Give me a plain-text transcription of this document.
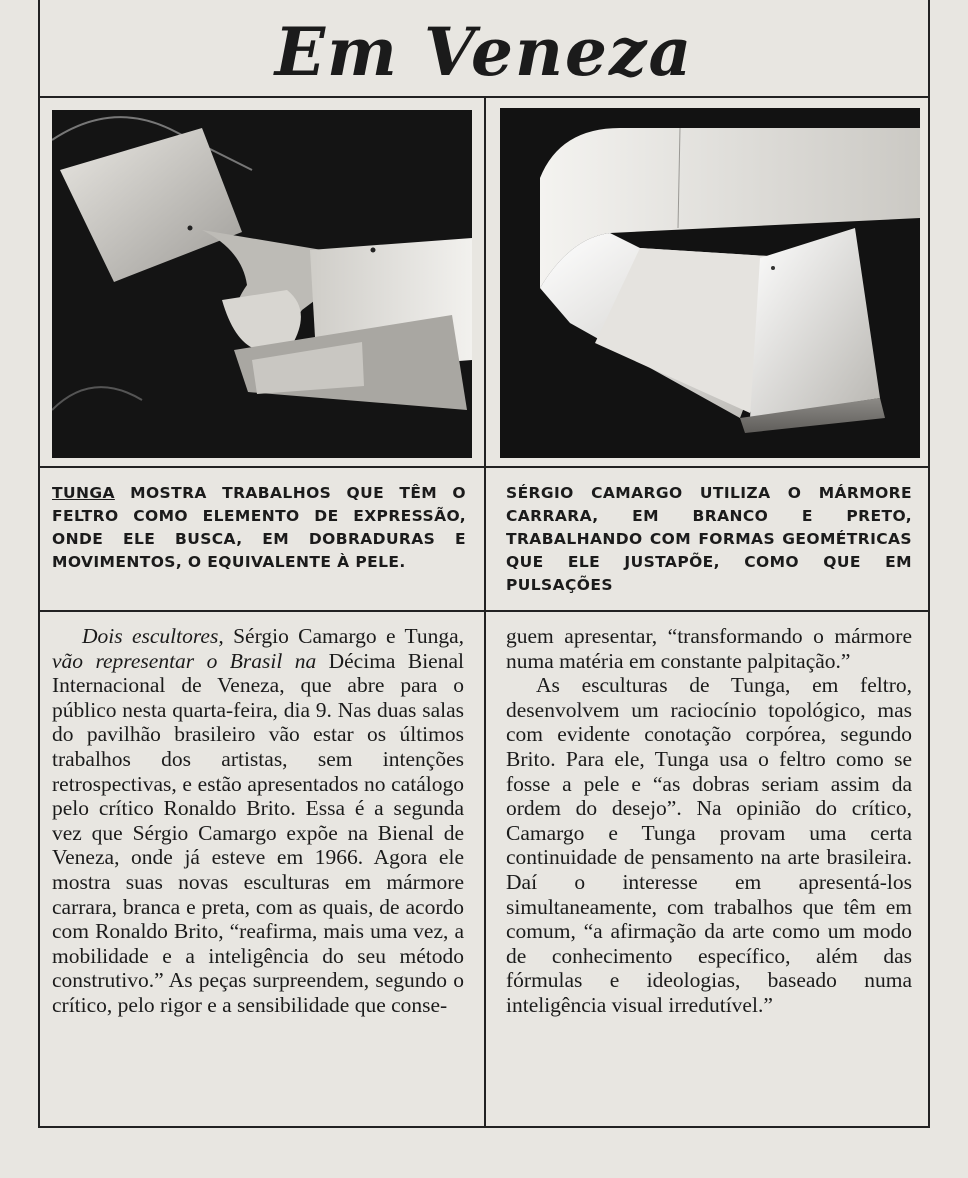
Em Veneza
TUNGA MOSTRA TRABALHOS QUE TÊM O FELTRO COMO ELEMENTO DE EXPRESSÃO, ONDE ELE BUSCA, EM DOBRADURAS E MOVIMENTOS, O EQUIVALENTE À PELE.
SÉRGIO CAMARGO UTILIZA O MÁRMORE CARRARA, EM BRANCO E PRETO, TRABALHANDO COM FORMAS GEOMÉTRICAS QUE ELE JUSTAPÕE, COMO QUE EM PULSAÇÕES

Dois escultores, Sérgio Camargo e Tunga, vão representar o Brasil na Décima Bienal Internacional de Veneza, que abre para o público nesta quarta-feira, dia 9. Nas duas salas do pavilhão brasileiro vão estar os últimos trabalhos dos artistas, sem intenções retrospectivas, e estão apresentados no catálogo pelo crítico Ronaldo Brito. Essa é a segunda vez que Sérgio Camargo expõe na Bienal de Veneza, onde já esteve em 1966. Agora ele mostra suas novas esculturas em mármore carrara, branca e preta, com as quais, de acordo com Ronaldo Brito, “reafirma, mais uma vez, a mobilidade e a inteligência do seu método construtivo.” As peças surpreendem, segundo o crítico, pelo rigor e a sensibilidade que conse-

guem apresentar, “transformando o mármore numa matéria em constante palpitação.”

As esculturas de Tunga, em feltro, desenvolvem um raciocínio topológico, mas com evidente conotação corpórea, segundo Brito. Para ele, Tunga usa o feltro como se fosse a pele e “as dobras seriam assim da ordem do desejo”. Na opinião do crítico, Camargo e Tunga provam uma certa continuidade de pensamento na arte brasileira. Daí o interesse em apresentá-los simultaneamente, com trabalhos que têm em comum, “a afirmação da arte como um modo de conhecimento específico, além das fórmulas e ideologias, baseado numa inteligência visual irredutível.”
